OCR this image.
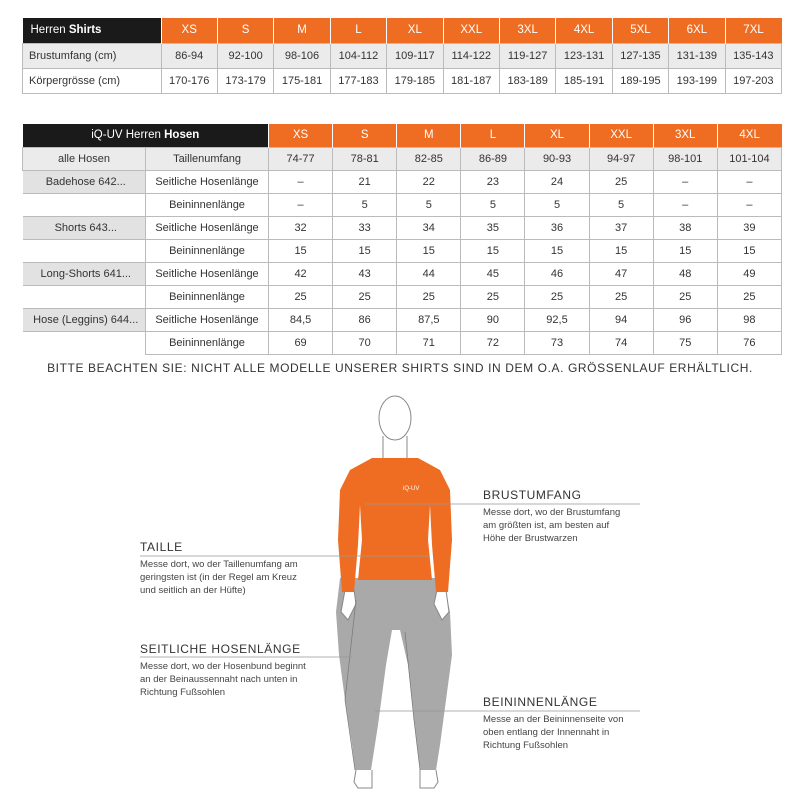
Herren Shirts	XS	S	M	L	XL	XXL	3XL	4XL	5XL	6XL	7XL
Brustumfang (cm)	86-94	92-100	98-106	104-112	109-117	114-122	119-127	123-131	127-135	131-139	135-143
Körpergrösse (cm)	170-176	173-179	175-181	177-183	179-185	181-187	183-189	185-191	189-195	193-199	197-203
iQ-UV Herren Hosen		XS	S	M	L	XL	XXL	3XL	4XL
alle Hosen	Taillenumfang	74-77	78-81	82-85	86-89	90-93	94-97	98-101	101-104
Badehose 642...	Seitliche Hosenlänge	–	21	22	23	24	25	–	–
	Beininnenlänge	–	5	5	5	5	5	–	–
Shorts 643...	Seitliche Hosenlänge	32	33	34	35	36	37	38	39
	Beininnenlänge	15	15	15	15	15	15	15	15
Long-Shorts 641...	Seitliche Hosenlänge	42	43	44	45	46	47	48	49
	Beininnenlänge	25	25	25	25	25	25	25	25
Hose (Leggins) 644...	Seitliche Hosenlänge	84,5	86	87,5	90	92,5	94	96	98
	Beininnenlänge	69	70	71	72	73	74	75	76
BITTE BEACHTEN SIE: NICHT ALLE MODELLE UNSERER SHIRTS SIND IN DEM O.A. GRÖSSENLAUF ERHÄLTLICH.
iQ-UV	BRUSTUMFANG
Messe dort, wo der Brustumfang
am größten ist, am besten auf
Höhe der Brustwarzen
TAILLE
Messe dort, wo der Taillenumfang am
geringsten ist (in der Regel am Kreuz
und seitlich an der Hüfte)
SEITLICHE HOSENLÄNGE
Messe dort, wo der Hosenbund beginnt
an der Beinaussennaht nach unten in
Richtung Fußsohlen
BEININNENLÄNGE
Messe an der Beininnenseite von
oben entlang der Innennaht in
Richtung Fußsohlen
